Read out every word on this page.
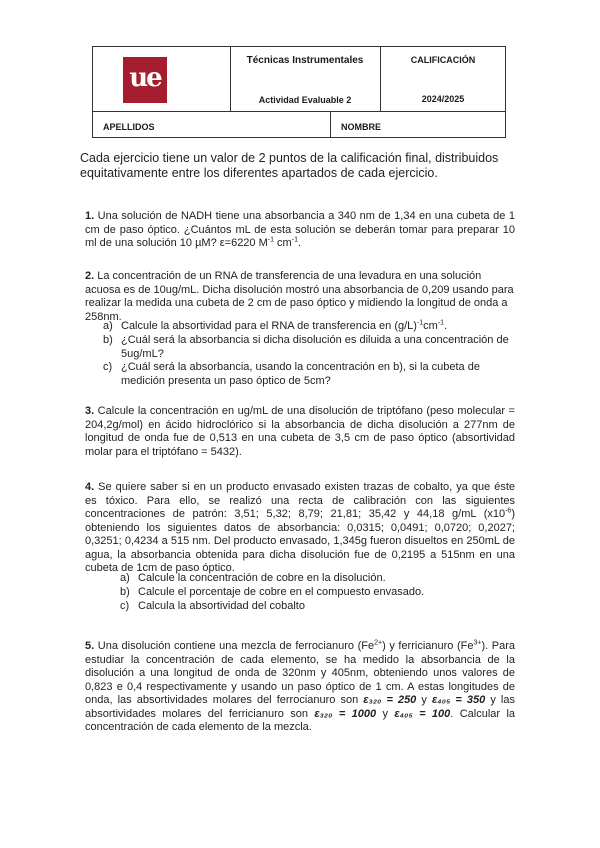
ue
Técnicas Instrumentales
Actividad Evaluable 2
CALIFICACIÓN
2024/2025
APELLIDOS	NOMBRE
Cada ejercicio tiene un valor de 2 puntos de la calificación final, distribuidos equitativamente entre los diferentes apartados de cada ejercicio.
1. Una solución de NADH tiene una absorbancia a 340 nm de 1,34 en una cubeta de 1 cm de paso óptico. ¿Cuántos mL de esta solución se deberán tomar para preparar 10 ml de una solución 10 µM? ε=6220 $M^{-1}$ $cm^{-1}$.
2. La concentración de un RNA de transferencia de una levadura en una solución acuosa es de 10ug/mL. Dicha disolución mostró una absorbancia de 0,209 usando para realizar la medida una cubeta de 2 cm de paso óptico y midiendo la longitud de onda a 258nm.
a) Calcule la absortividad para el RNA de transferencia en $(g/L)^{-1}cm^{-1}$.
b) ¿Cuál será la absorbancia si dicha disolución es diluida a una concentración de 5ug/mL?
c) ¿Cuál será la absorbancia, usando la concentración en b), si la cubeta de medición presenta un paso óptico de 5cm?
3. Calcule la concentración en ug/mL de una disolución de triptófano (peso molecular = 204,2g/mol) en ácido hidroclórico si la absorbancia de dicha disolución a 277nm de longitud de onda fue de 0,513 en una cubeta de 3,5 cm de paso óptico (absortividad molar para el triptófano = 5432).
4. Se quiere saber si en un producto envasado existen trazas de cobalto, ya que éste es tóxico. Para ello, se realizó una recta de calibración con las siguientes concentraciones de patrón: 3,51; 5,32; 8,79; 21,81; 35,42 y 44,18 g/mL $(x10^{-6})$ obteniendo los siguientes datos de absorbancia: 0,0315; 0,0491; 0,0720; 0,2027; 0,3251; 0,4234 a 515 nm. Del producto envasado, 1,345g fueron disueltos en 250mL de agua, la absorbancia obtenida para dicha disolución fue de 0,2195 a 515nm en una cubeta de 1cm de paso óptico.
a) Calcule la concentración de cobre en la disolución.
b) Calcule el porcentaje de cobre en el compuesto envasado.
c) Calcula la absortividad del cobalto
5. Una disolución contiene una mezcla de ferrocianuro $(Fe^{2+})$ y ferricianuro $(Fe^{3+})$. Para estudiar la concentración de cada elemento, se ha medido la absorbancia de la disolución a una longitud de onda de 320nm y 405nm, obteniendo unos valores de 0,823 e 0,4 respectivamente y usando un paso óptico de 1 cm. A estas longitudes de onda, las absortividades molares del ferrocianuro son ε₃₂₀ = 250 y ε₄₀₅ = 350 y las absortividades molares del ferricianuro son ε₃₂₀ = 1000 y ε₄₀₅ = 100. Calcular la concentración de cada elemento de la mezcla.
